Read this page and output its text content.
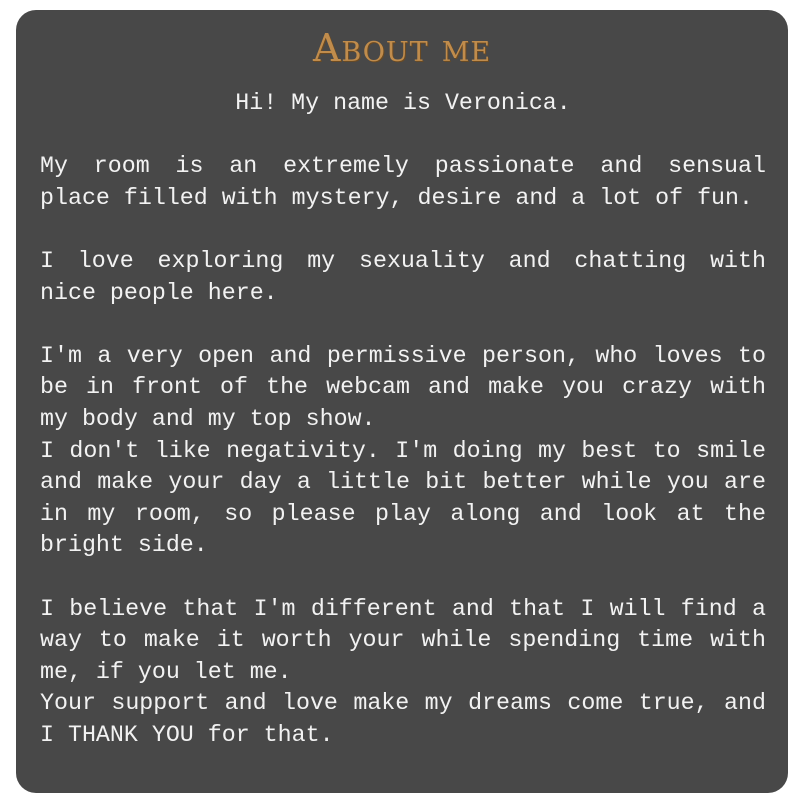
About me

Hi! My name is Veronica.

My room is an extremely passionate and sensual place filled with mystery, desire and a lot of fun.

I love exploring my sexuality and chatting with nice people here.

I'm a very open and permissive person, who loves to be in front of the webcam and make you crazy with my body and my top show.

I don't like negativity. I'm doing my best to smile and make your day a little bit better while you are in my room, so please play along and look at the bright side.

I believe that I'm different and that I will find a way to make it worth your while spending time with me, if you let me.

Your support and love make my dreams come true, and I THANK YOU for that.
